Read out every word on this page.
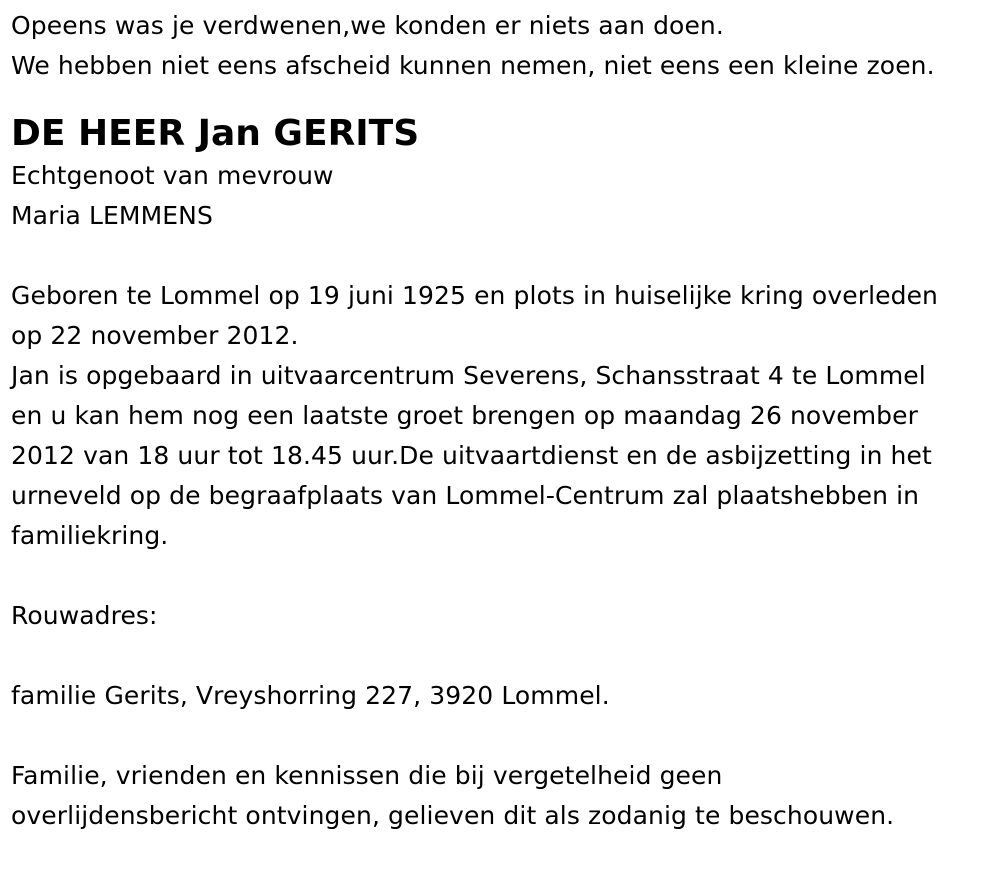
Opeens was je verdwenen,we konden er niets aan doen.
We hebben niet eens afscheid kunnen nemen, niet eens een kleine zoen.
DE HEER Jan GERITS
Echtgenoot van mevrouw
Maria LEMMENS
Geboren te Lommel op 19 juni 1925 en plots in huiselijke kring overleden
op 22 november 2012.
Jan is opgebaard in uitvaarcentrum Severens, Schansstraat 4 te Lommel
en u kan hem nog een laatste groet brengen op maandag 26 november
2012 van 18 uur tot 18.45 uur.De uitvaartdienst en de asbijzetting in het
urneveld op de begraafplaats van Lommel-Centrum zal plaatshebben in
familiekring.
Rouwadres:
familie Gerits, Vreyshorring 227, 3920 Lommel.
Familie, vrienden en kennissen die bij vergetelheid geen
overlijdensbericht ontvingen, gelieven dit als zodanig te beschouwen.
